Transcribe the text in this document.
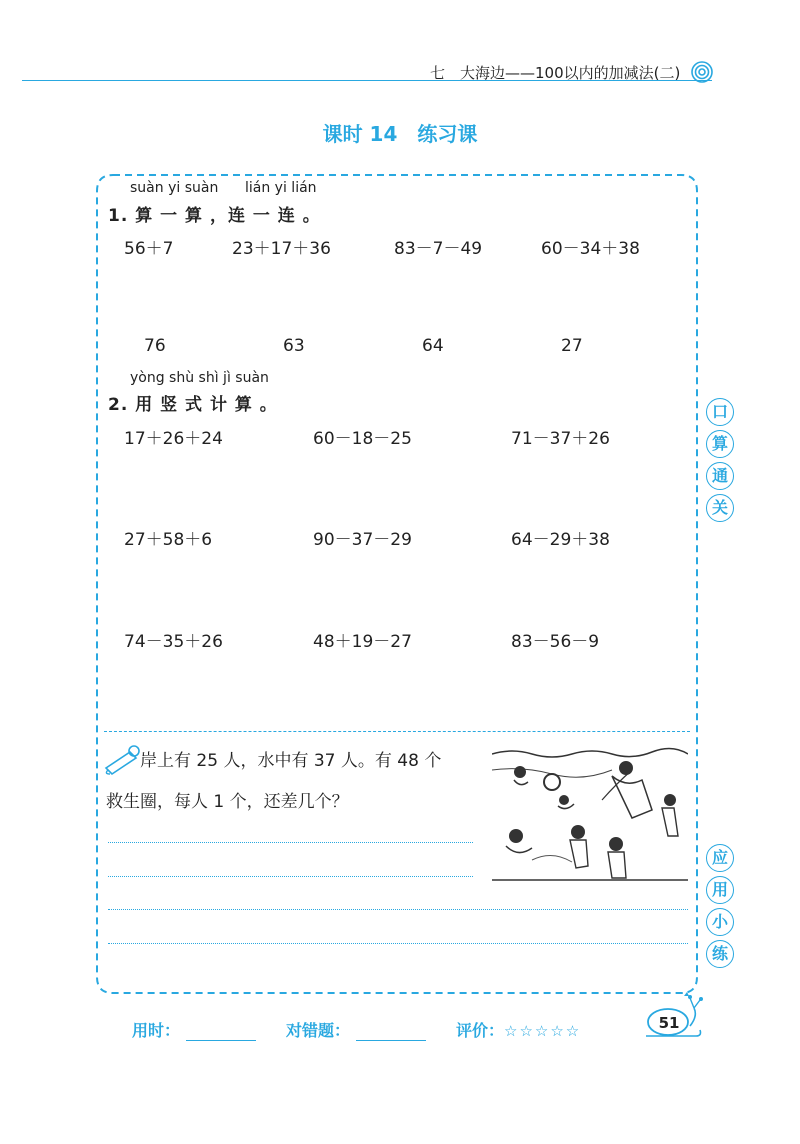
七　大海边——100以内的加减法(二)
课时 14　练习课
suàn yi suàn lián yi lián
1. 算 一 算 ，连 一 连 。
56＋7	23＋17＋36	83－7－49	60－34＋38
76	63	64	27
yòng shù shì jì suàn
2. 用 竖 式 计 算 。
17＋26＋24	60－18－25	71－37＋26
27＋58＋6	90－37－29	64－29＋38
74－35＋26	48＋19－27	83－56－9
岸上有 25 人，水中有 37 人。有 48 个
救生圈，每人 1 个，还差几个？
口
算
通
关
应
用
小
练
用时：	对错题：	评价：☆☆☆☆☆	51
